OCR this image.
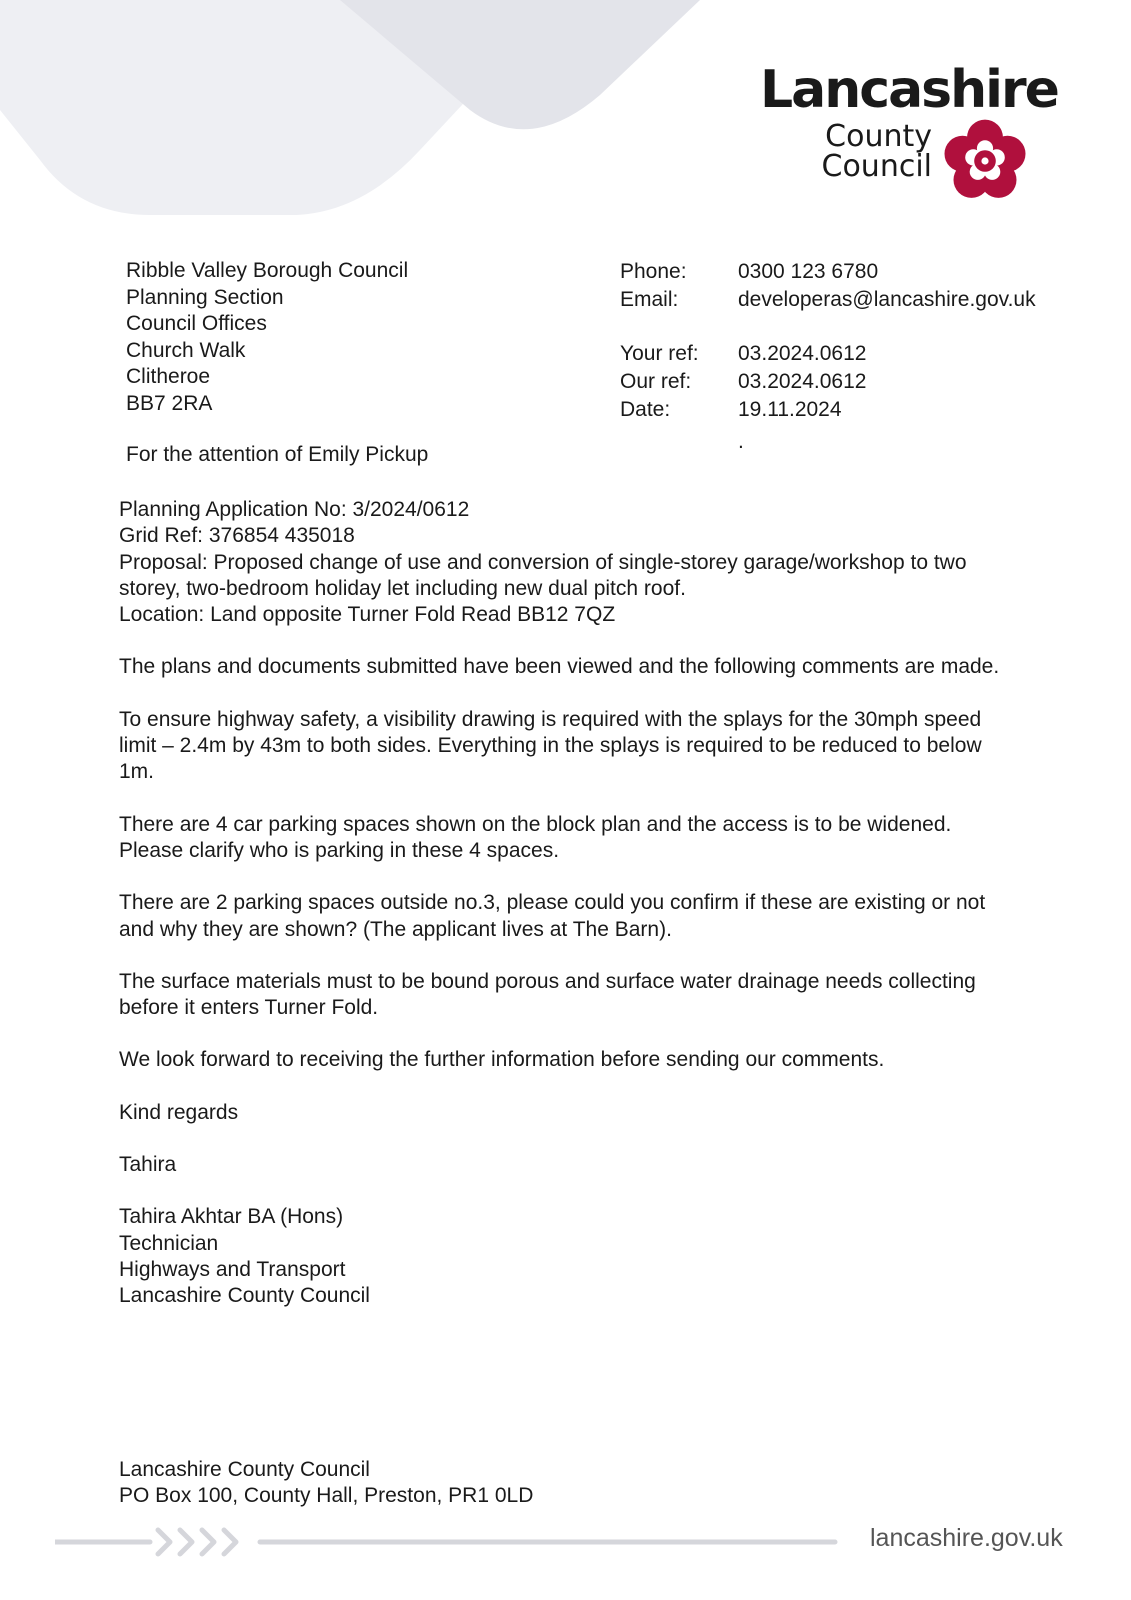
Lancashire
County
Council
Ribble Valley Borough Council
Planning Section
Council Offices
Church Walk
Clitheroe
BB7 2RA
For the attention of Emily Pickup
Phone:	0300 123 6780
Email:	developeras@lancashire.gov.uk
Your ref:	03.2024.0612
Our ref:	03.2024.0612
Date:	19.11.2024
.

Planning Application No: 3/2024/0612

Grid Ref: 376854 435018

Proposal: Proposed change of use and conversion of single-storey garage/workshop to two storey, two-bedroom holiday let including new dual pitch roof.

Location: Land opposite Turner Fold Read BB12 7QZ

The plans and documents submitted have been viewed and the following comments are made.

To ensure highway safety, a visibility drawing is required with the splays for the 30mph speed limit – 2.4m by 43m to both sides. Everything in the splays is required to be reduced to below 1m.

There are 4 car parking spaces shown on the block plan and the access is to be widened. Please clarify who is parking in these 4 spaces.

There are 2 parking spaces outside no.3, please could you confirm if these are existing or not and why they are shown? (The applicant lives at The Barn).

The surface materials must to be bound porous and surface water drainage needs collecting before it enters Turner Fold.

We look forward to receiving the further information before sending our comments.

Kind regards

Tahira

Tahira Akhtar BA (Hons)

Technician

Highways and Transport

Lancashire County Council

Lancashire County Council
PO Box 100, County Hall, Preston, PR1 0LD
lancashire.gov.uk
